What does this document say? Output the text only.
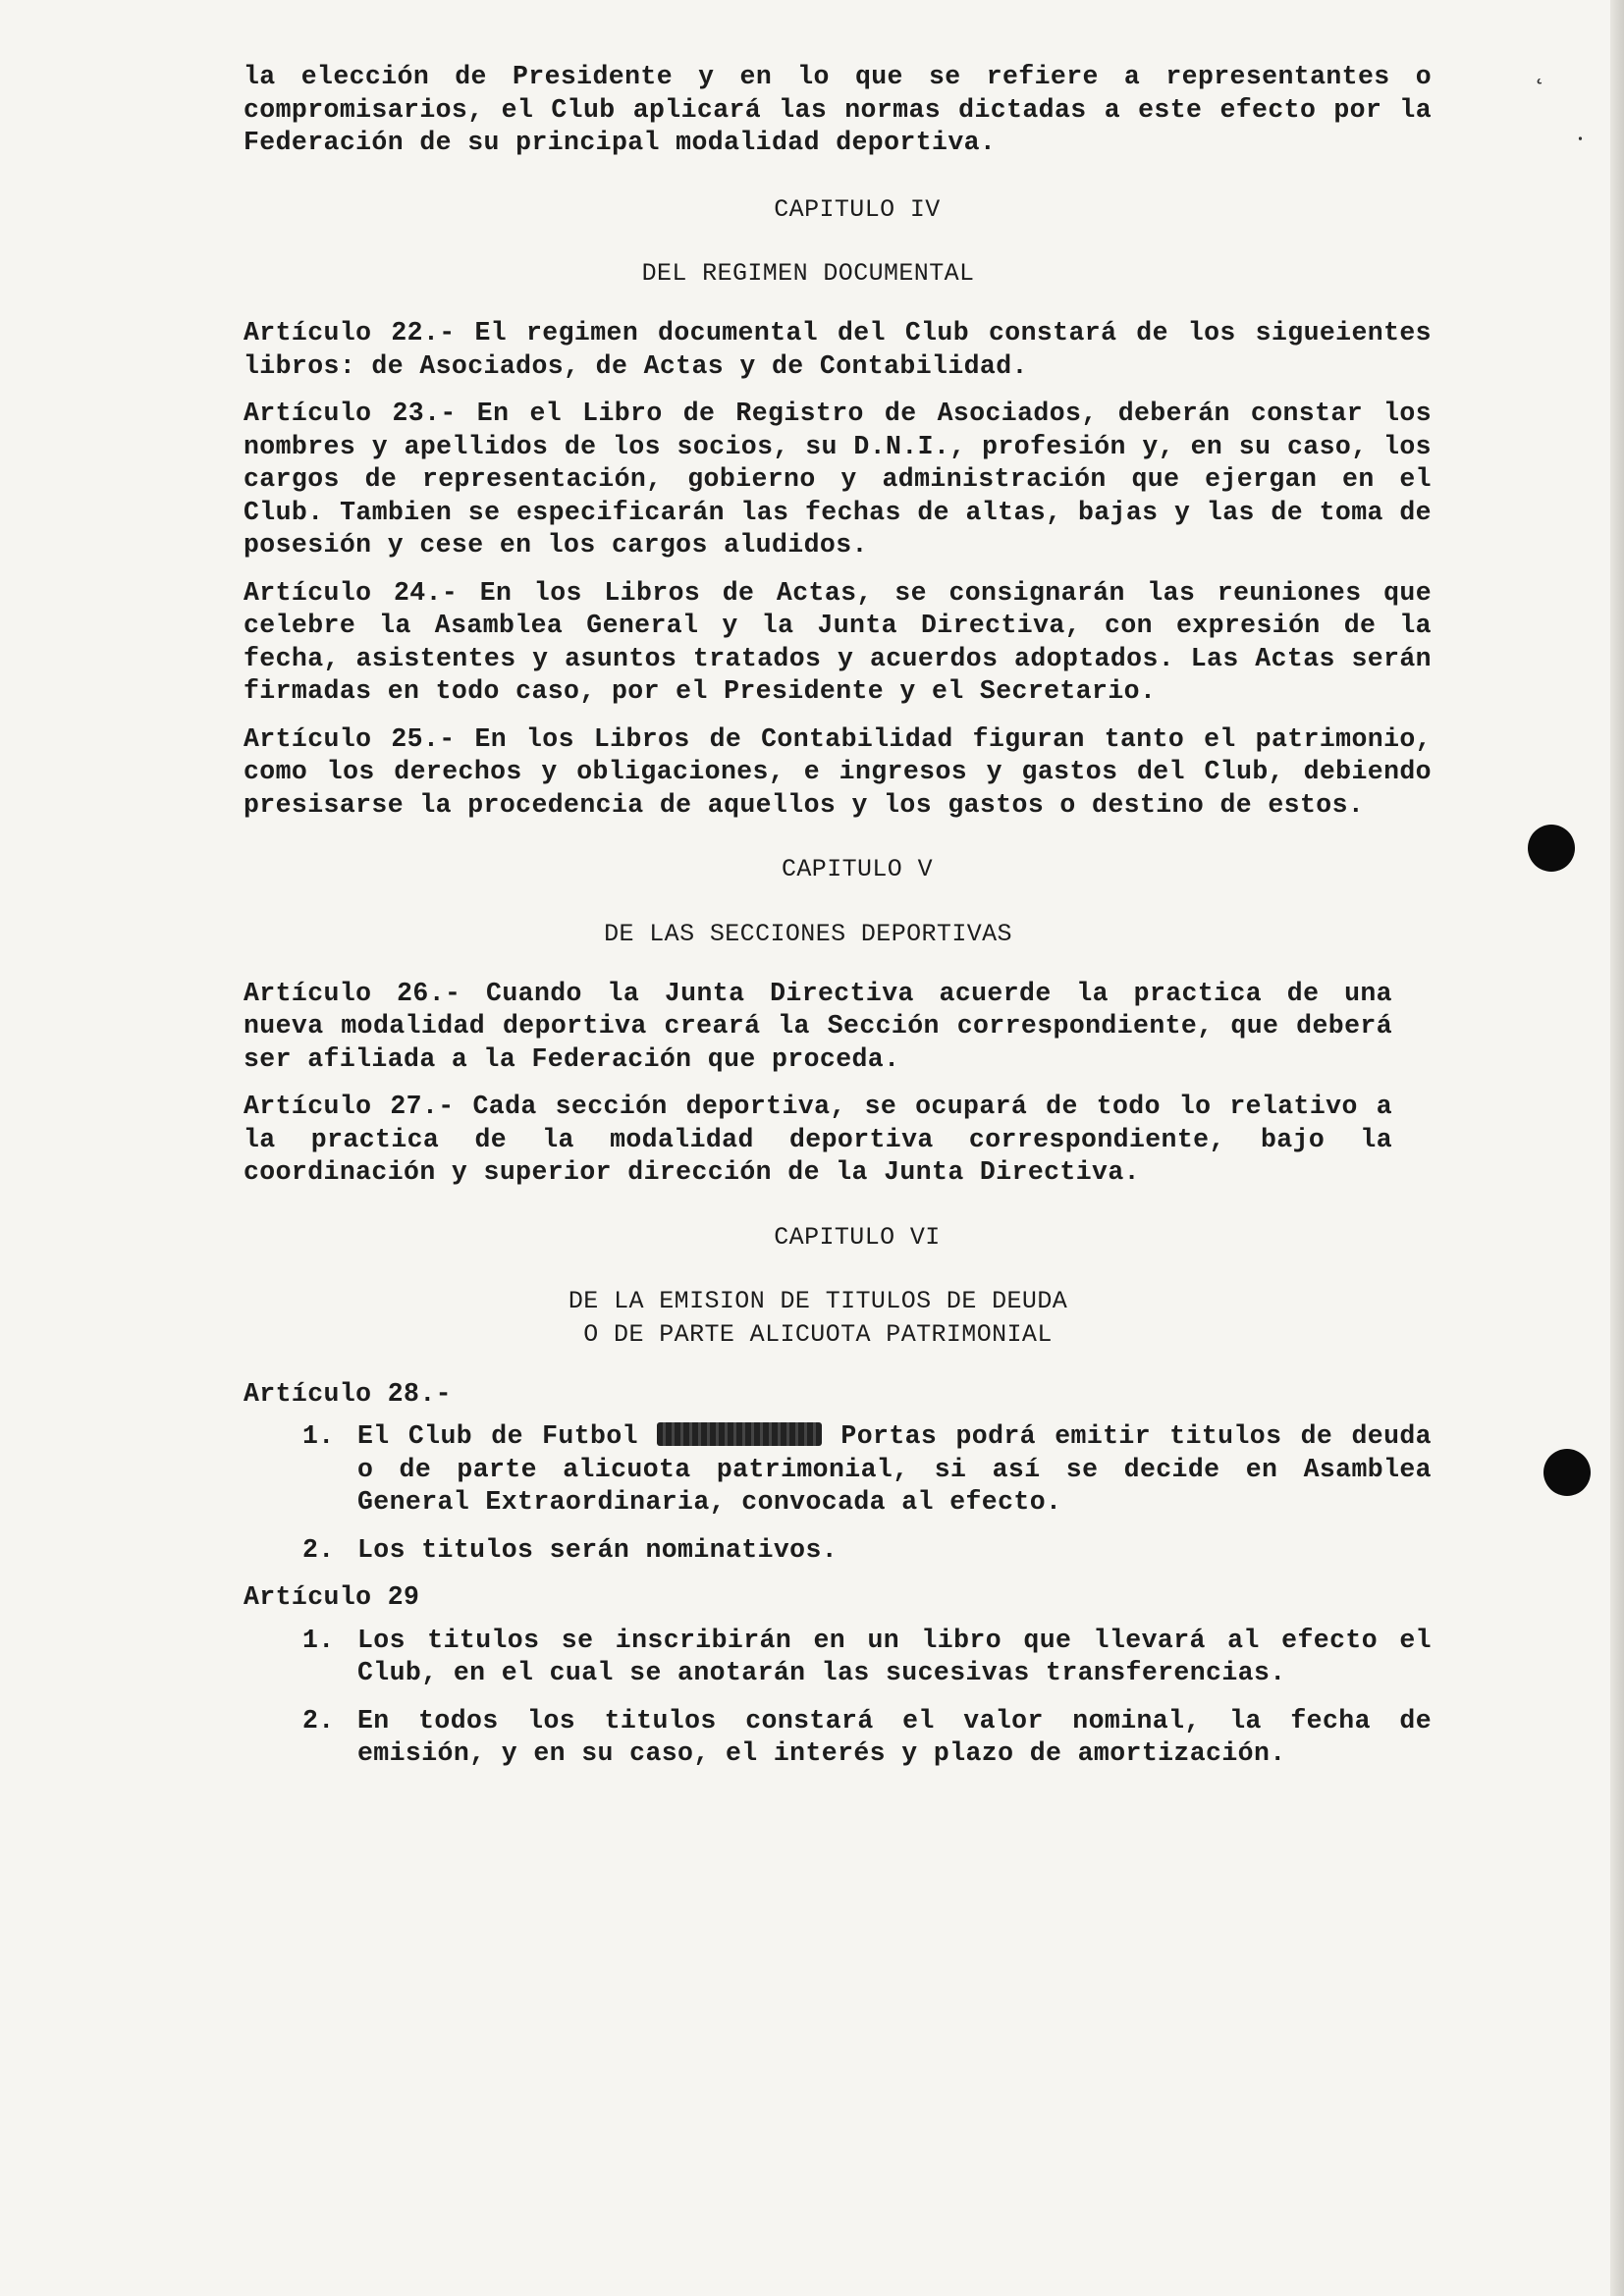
˛
⸳

la elección de Presidente y en lo que se refiere a representantes o compromisarios, el Club aplicará las normas dictadas a este efecto por la Federación de su principal modalidad deportiva.

CAPITULO IV
DEL REGIMEN DOCUMENTAL

Artículo 22.- El regimen documental del Club constará de los sigueientes libros: de Asociados, de Actas y de Contabilidad.

Artículo 23.- En el Libro de Registro de Asociados, deberán constar los nombres y apellidos de los socios, su D.N.I., profesión y, en su caso, los cargos de representación, gobierno y administración que ejergan en el Club. Tambien se especificarán las fechas de altas, bajas y las de toma de posesión y cese en los cargos aludidos.

Artículo 24.- En los Libros de Actas, se consignarán las reuniones que celebre la Asamblea General y la Junta Directiva, con expresión de la fecha, asistentes y asuntos tratados y acuerdos adoptados. Las Actas serán firmadas en todo caso, por el Presidente y el Secretario.

Artículo 25.- En los Libros de Contabilidad figuran tanto el patrimonio, como los derechos y obligaciones, e ingresos y gastos del Club, debiendo presisarse la procedencia de aquellos y los gastos o destino de estos.

CAPITULO V
DE LAS SECCIONES DEPORTIVAS

Artículo 26.- Cuando la Junta Directiva acuerde la practica de una nueva modalidad deportiva creará la Sección correspondiente, que deberá ser afiliada a la Federación que proceda.

Artículo 27.- Cada sección deportiva, se ocupará de todo lo relativo a la practica de la modalidad deportiva correspondiente, bajo la coordinación y superior dirección de la Junta Directiva.

CAPITULO VI
DE LA EMISION DE TITULOS DE DEUDA
O DE PARTE ALICUOTA PATRIMONIAL
Artículo 28.-
1. El Club de Futbol	Portas podrá emitir titulos de deuda o de parte alicuota patrimonial, si así se decide en Asamblea General Extraordinaria, convocada al efecto.
2. Los titulos serán nominativos.
Artículo 29
1. Los titulos se inscribirán en un libro que llevará al efecto el Club, en el cual se anotarán las sucesivas transferencias.
2. En todos los titulos constará el valor nominal, la fecha de emisión, y en su caso, el interés y plazo de amortización.
